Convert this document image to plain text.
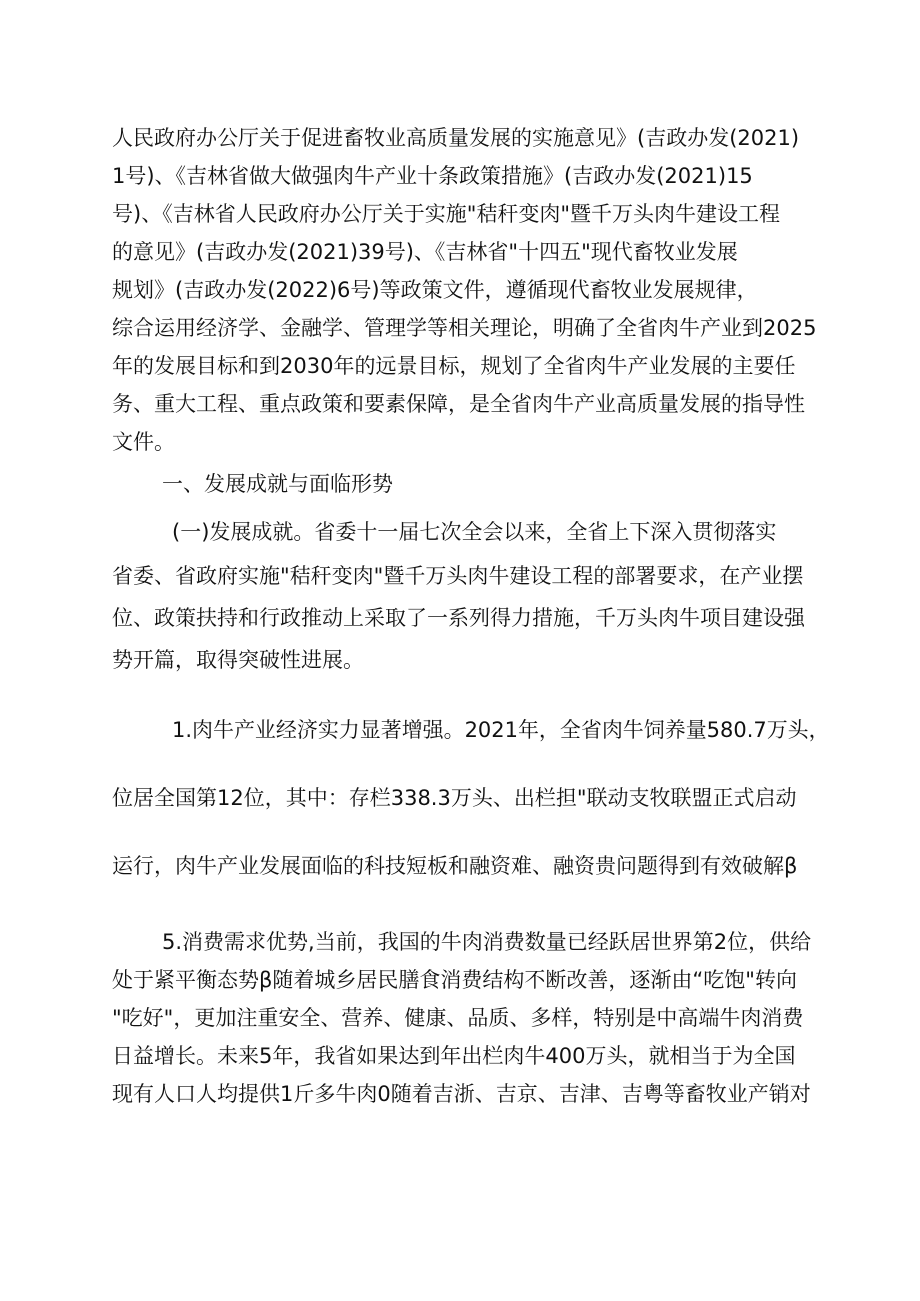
人民政府办公厅关于促进畜牧业高质量发展的实施意见》(吉政办发(2021)

1号)、《吉林省做大做强肉牛产业十条政策措施》(吉政办发(2021)15

号)、《吉林省人民政府办公厅关于实施"秸秆变肉"暨千万头肉牛建设工程

的意见》(吉政办发(2021)39号)、《吉林省"十四五"现代畜牧业发展

规划》(吉政办发(2022)6号)等政策文件，遵循现代畜牧业发展规律，

综合运用经济学、金融学、管理学等相关理论，明确了全省肉牛产业到2025

年的发展目标和到2030年的远景目标，规划了全省肉牛产业发展的主要任

务、重大工程、重点政策和要素保障，是全省肉牛产业高质量发展的指导性

文件。

一、发展成就与面临形势

(一)发展成就。省委十一届七次全会以来，全省上下深入贯彻落实

省委、省政府实施"秸秆变肉"暨千万头肉牛建设工程的部署要求，在产业摆

位、政策扶持和行政推动上采取了一系列得力措施，千万头肉牛项目建设强

势开篇，取得突破性进展。

1.肉牛产业经济实力显著增强。2021年，全省肉牛饲养量580.7万头，

位居全国第12位，其中：存栏338.3万头、出栏担"联动支牧联盟正式启动

运行，肉牛产业发展面临的科技短板和融资难、融资贵问题得到有效破解β

5.消费需求优势,当前，我国的牛肉消费数量已经跃居世界第2位，供给

处于紧平衡态势β随着城乡居民膳食消费结构不断改善，逐渐由“吃饱"转向

"吃好"，更加注重安全、营养、健康、品质、多样，特别是中高端牛肉消费

日益增长。未来5年，我省如果达到年出栏肉牛400万头，就相当于为全国

现有人口人均提供1斤多牛肉0随着吉浙、吉京、吉津、吉粤等畜牧业产销对
